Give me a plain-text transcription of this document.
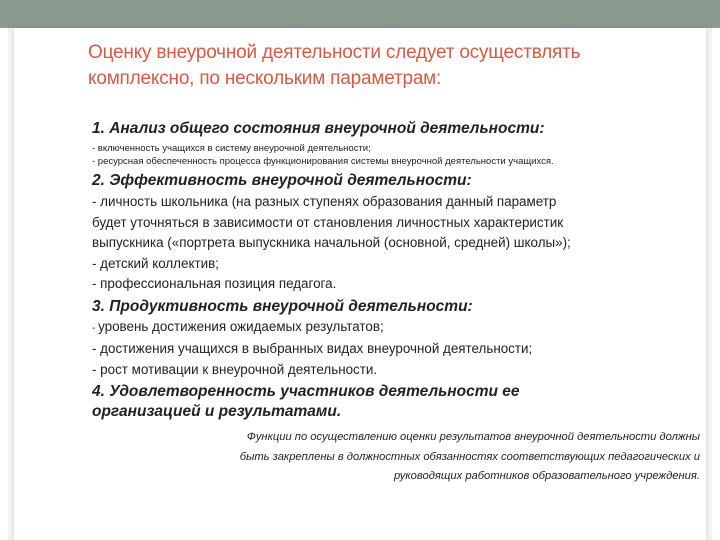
Оценку внеурочной деятельности следует осуществлять
комплексно, по нескольким параметрам:

1. Анализ общего состояния внеурочной деятельности:

- включенность учащихся в систему внеурочной деятельности;

- ресурсная обеспеченность процесса функционирования системы внеурочной деятельности учащихся.

2. Эффективность внеурочной деятельности:

- личность школьника (на разных ступенях образования данный параметр

будет уточняться в зависимости от становления личностных характеристик

выпускника («портрета выпускника начальной (основной, средней) школы»);

- детский коллектив;

- профессиональная позиция педагога.

3. Продуктивность внеурочной деятельности:

- уровень достижения ожидаемых результатов;

- достижения учащихся в выбранных видах внеурочной деятельности;

- рост мотивации к внеурочной деятельности.

4. Удовлетворенность участников деятельности ее

организацией и результатами.

Функции по осуществлению оценки результатов внеурочной деятельности должны
быть закреплены в должностных обязанностях соответствующих педагогических и
руководящих работников образовательного учреждения.
